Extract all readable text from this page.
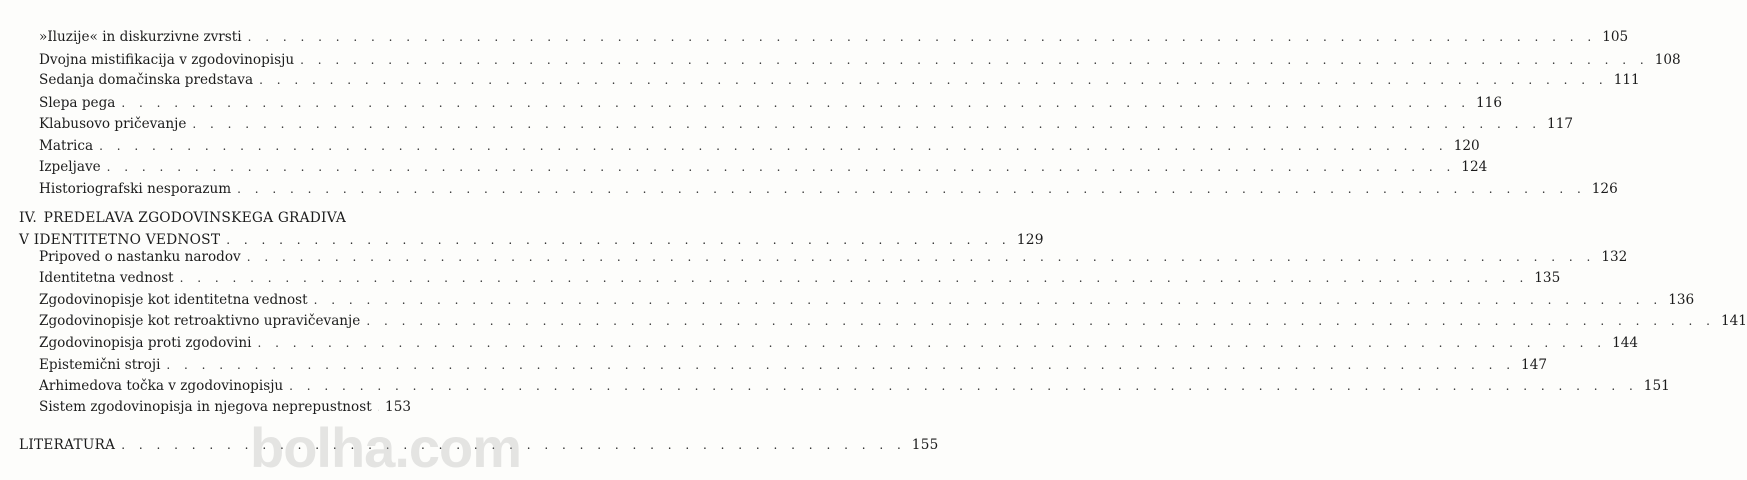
»Iluzije« in diskurzivne zvrsti . . .	105
Dvojna mistifikacija v zgodovinopisju . . .	108
Sedanja domačinska predstava . . .	111
Slepa pega . . .	116
Klabusovo pričevanje . . .	117
Matrica . . .	120
Izpeljave . . .	124
Historiografski nesporazum . . .	126
IV. PREDELAVA ZGODOVINSKEGA GRADIVA
V IDENTITETNO VEDNOST . . .	129
Pripoved o nastanku narodov . . .	132
Identitetna vednost . . .	135
Zgodovinopisje kot identitetna vednost . . .	136
Zgodovinopisje kot retroaktivno upravičevanje . . .	141
Zgodovinopisja proti zgodovini . . .	144
Epistemični stroji . . .	147
Arhimedova točka v zgodovinopisju . . .	151
Sistem zgodovinopisja in njegova neprepustnost . . . 153
LITERATURA . . .	155
bolha.com
